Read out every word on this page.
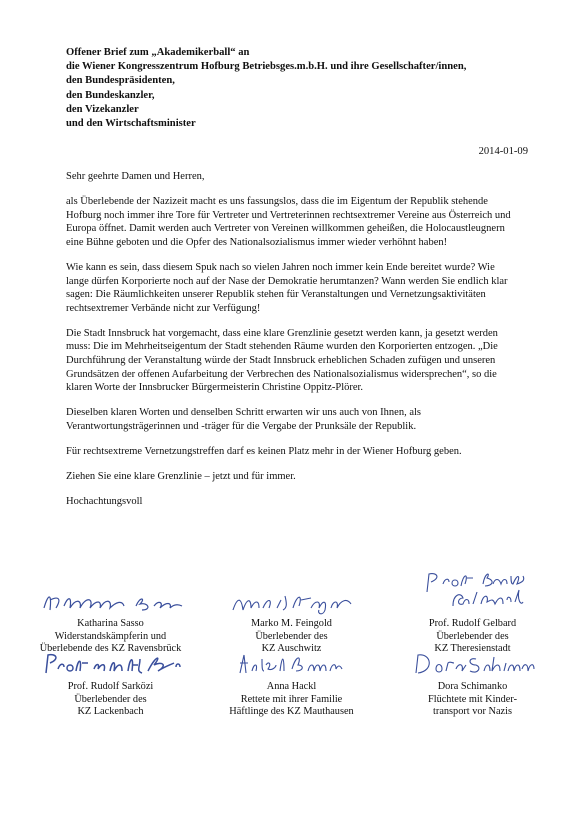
Offener Brief zum „Akademikerball“ an
die Wiener Kongresszentrum Hofburg Betriebsges.m.b.H. und ihre Gesellschafter/innen,
den Bundespräsidenten,
den Bundeskanzler,
den Vizekanzler
und den Wirtschaftsminister
2014-01-09

Sehr geehrte Damen und Herren,

als Überlebende der Nazizeit macht es uns fassungslos, dass die im Eigentum der Republik stehende Hofburg noch immer ihre Tore für Vertreter und Vertreterinnen rechtsextremer Vereine aus Österreich und Europa öffnet. Damit werden auch Vertreter von Vereinen willkommen geheißen, die Holocaustleugnern eine Bühne geboten und die Opfer des Nationalsozialismus immer wieder verhöhnt haben!

Wie kann es sein, dass diesem Spuk nach so vielen Jahren noch immer kein Ende bereitet wurde? Wie lange dürfen Korporierte noch auf der Nase der Demokratie herumtanzen? Wann werden Sie endlich klar sagen: Die Räumlichkeiten unserer Republik stehen für Veranstaltungen und Vernetzungsaktivitäten rechtsextremer Verbände nicht zur Verfügung!

Die Stadt Innsbruck hat vorgemacht, dass eine klare Grenzlinie gesetzt werden kann, ja gesetzt werden muss: Die im Mehrheitseigentum der Stadt stehenden Räume wurden den Korporierten entzogen. „Die Durchführung der Veranstaltung würde der Stadt Innsbruck erheblichen Schaden zufügen und unseren Grundsätzen der offenen Aufarbeitung der Verbrechen des Nationalsozialismus widersprechen“, so die klaren Worte der Innsbrucker Bürgermeisterin Christine Oppitz-Plörer.

Dieselben klaren Worten und denselben Schritt erwarten wir uns auch von Ihnen, als Verantwortungsträgerinnen und -träger für die Vergabe der Prunksäle der Republik.

Für rechtsextreme Vernetzungstreffen darf es keinen Platz mehr in der Wiener Hofburg geben.

Ziehen Sie eine klare Grenzlinie – jetzt und für immer.

Hochachtungsvoll

Katharina Sasso
Widerstandskämpferin und
Überlebende des KZ Ravensbrück
Marko M. Feingold
Überlebender des
KZ Auschwitz
Prof. Rudolf Gelbard
Überlebender des
KZ Theresienstadt
Prof. Rudolf Sarközi
Überlebender des
KZ Lackenbach
Anna Hackl
Rettete mit ihrer Familie
Häftlinge des KZ Mauthausen
Dora Schimanko
Flüchtete mit Kinder-
transport vor Nazis
